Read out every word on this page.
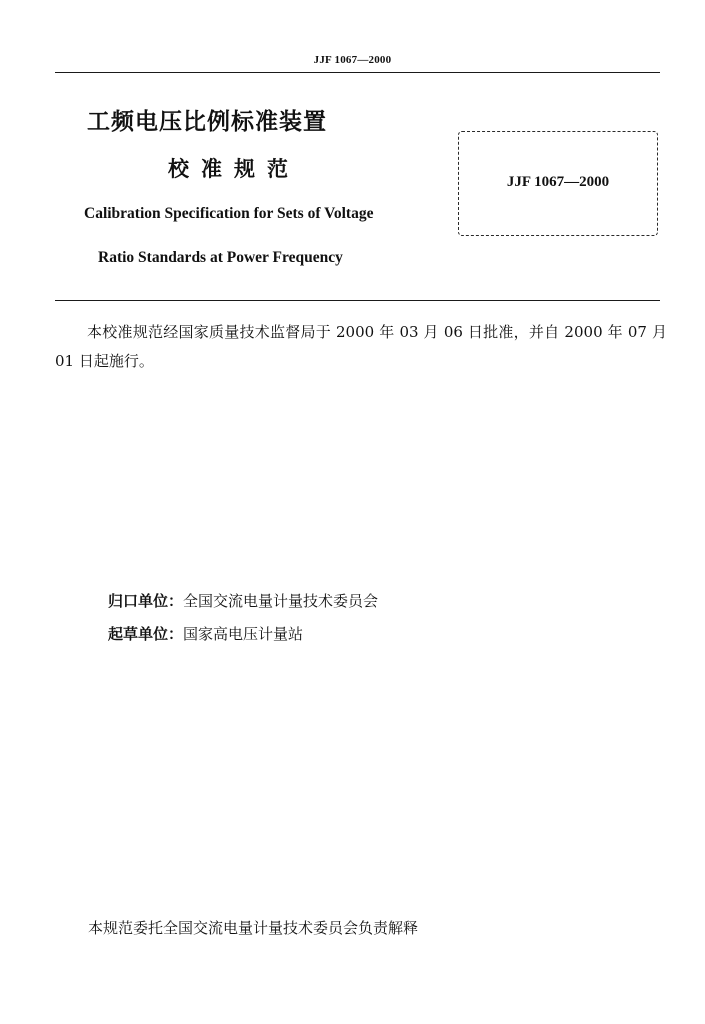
JJF 1067—2000
工频电压比例标准装置
校准规范
Calibration Specification for Sets of Voltage
Ratio Standards at Power Frequency
JJF 1067—2000
本校准规范经国家质量技术监督局于 2000 年 03 月 06 日批准，并自 2000 年 07 月 01 日起施行。
归口单位：全国交流电量计量技术委员会
起草单位：国家高电压计量站
本规范委托全国交流电量计量技术委员会负责解释
